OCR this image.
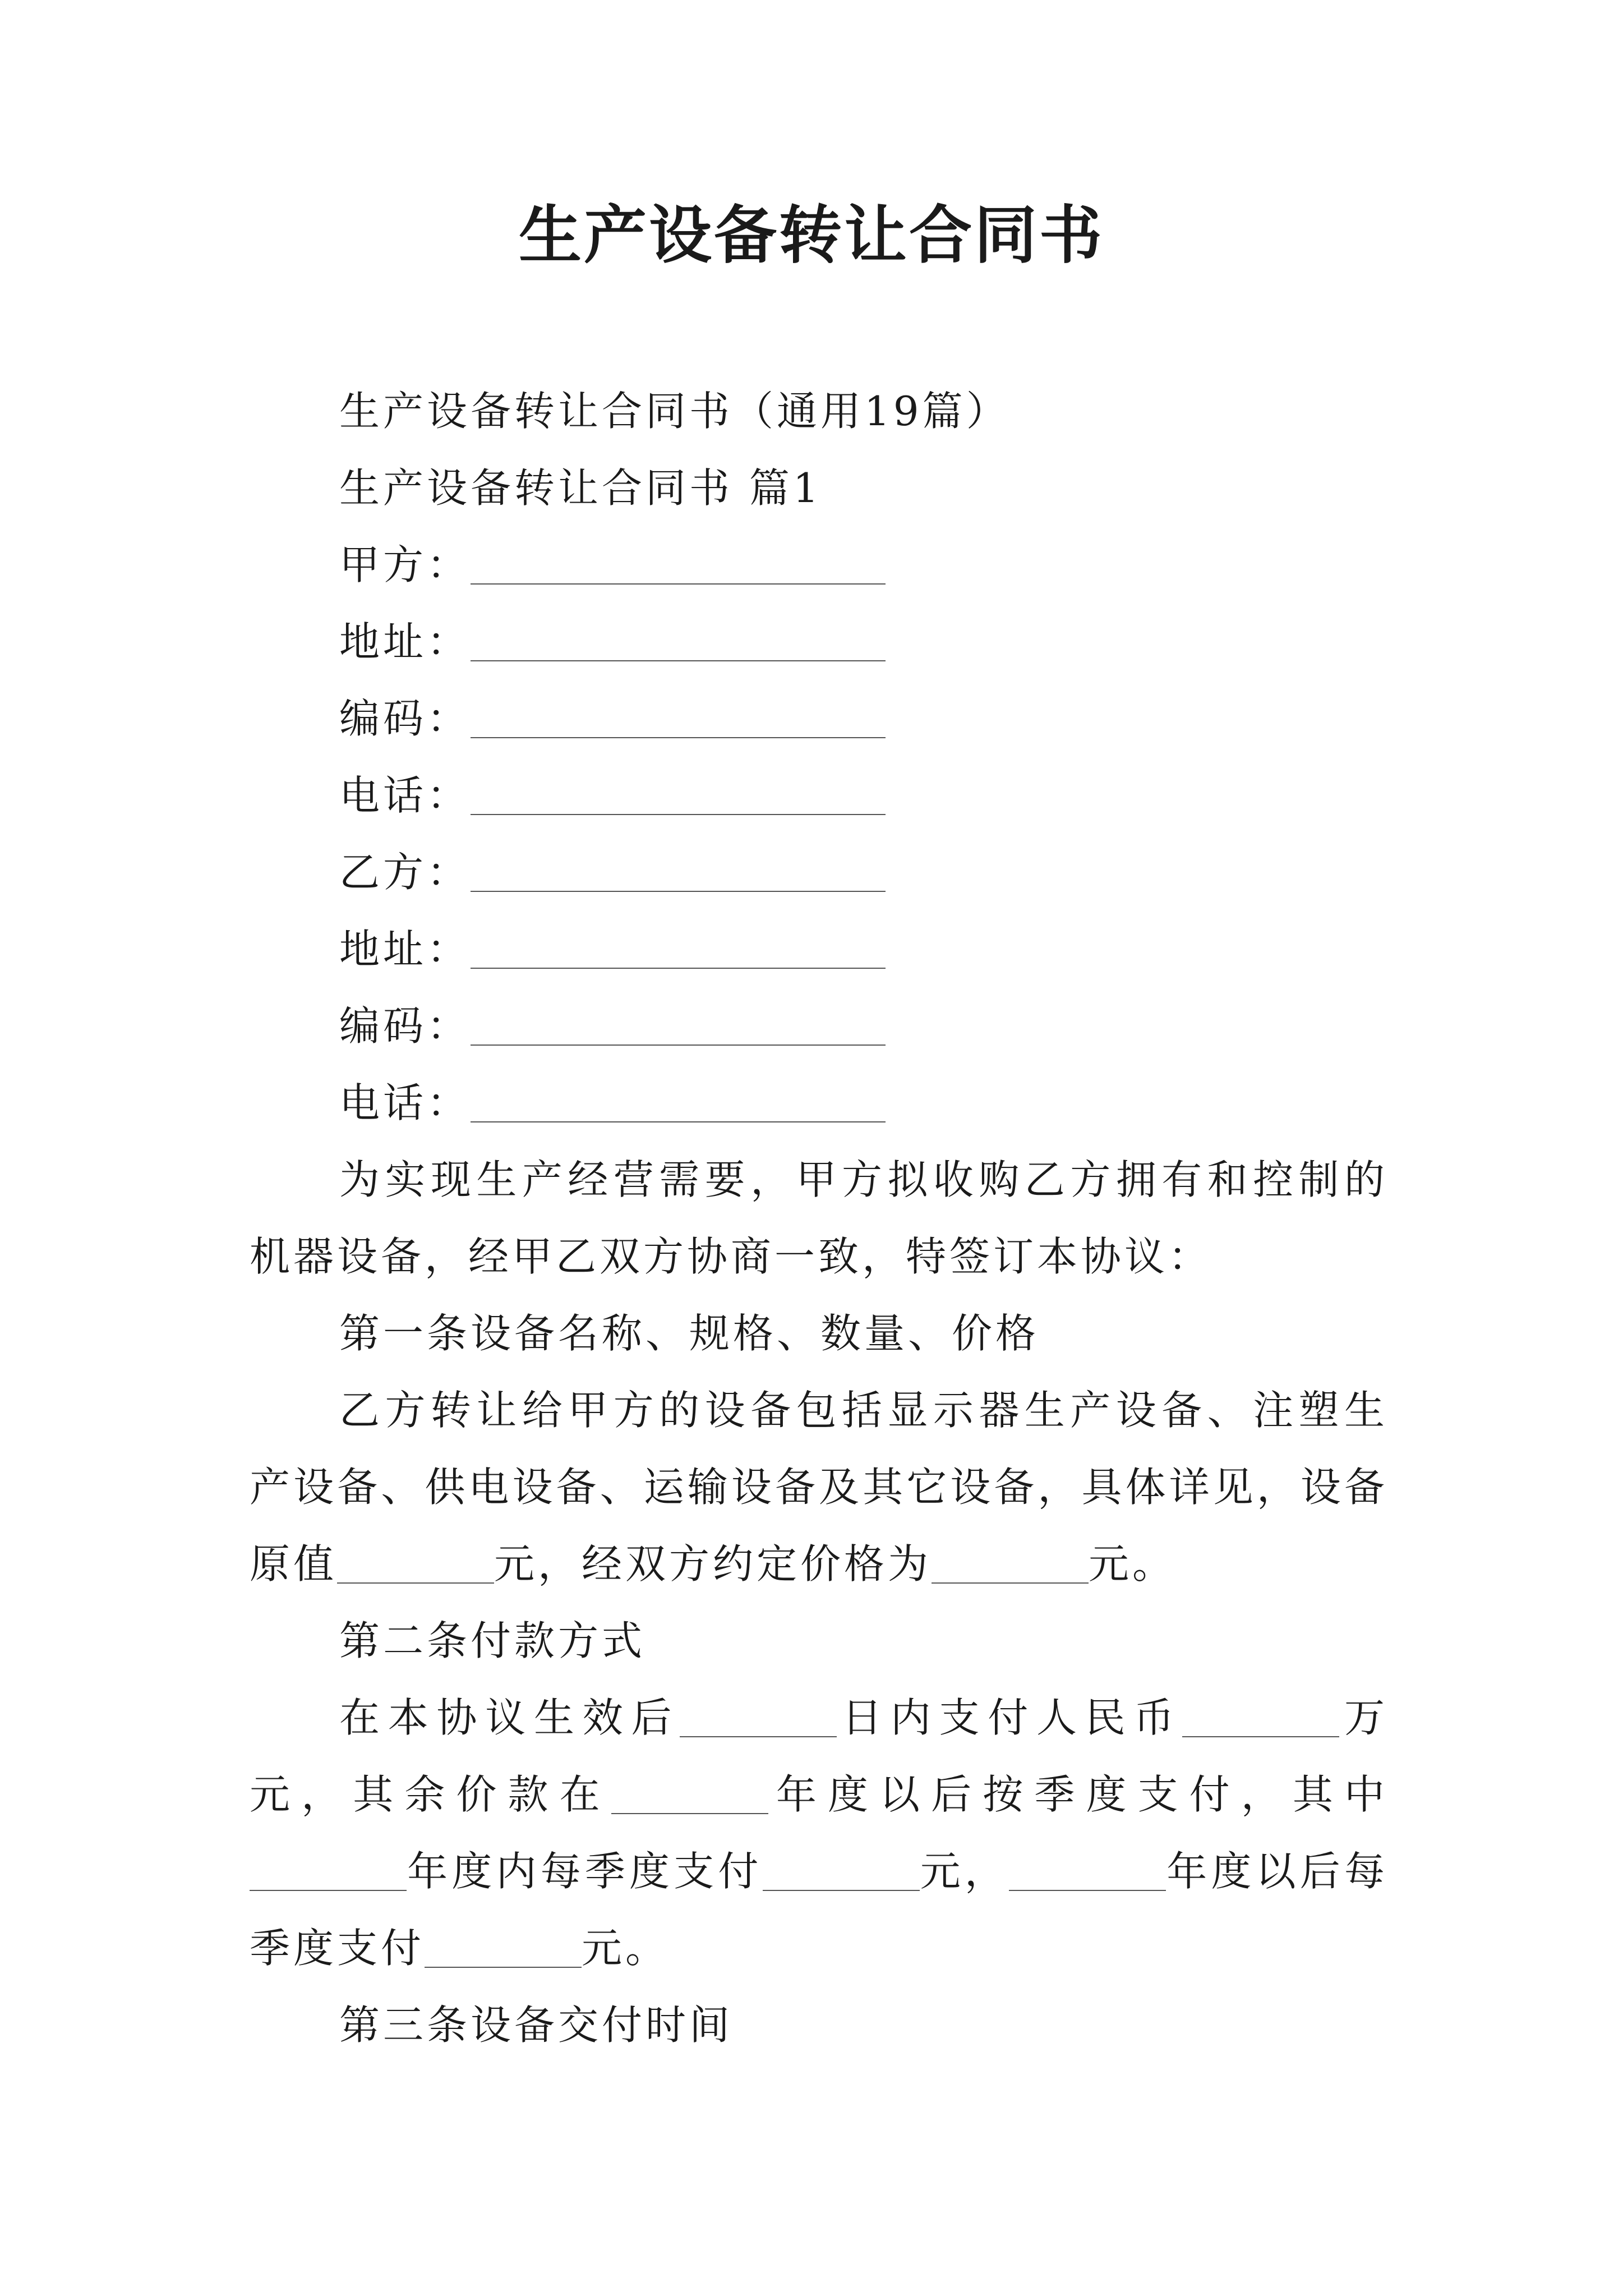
生产设备转让合同书

生产设备转让合同书（通用19篇）

生产设备转让合同书 篇1

甲方：

地址：

编码：

电话：

乙方：

地址：

编码：

电话：

为实现生产经营需要，甲方拟收购乙方拥有和控制的机器设备，经甲乙双方协商一致，特签订本协议：

第一条设备名称、规格、数量、价格

乙方转让给甲方的设备包括显示器生产设备、注塑生产设备、供电设备、运输设备及其它设备，具体详见，设备原值	元，经双方约定价格为	元。

第二条付款方式

在本协议生效后	日内支付人民币	万元，其余价款在	年度以后按季度支付，其中年度内每季度支付	元，	年度以后每季度支付	元。

第三条设备交付时间
